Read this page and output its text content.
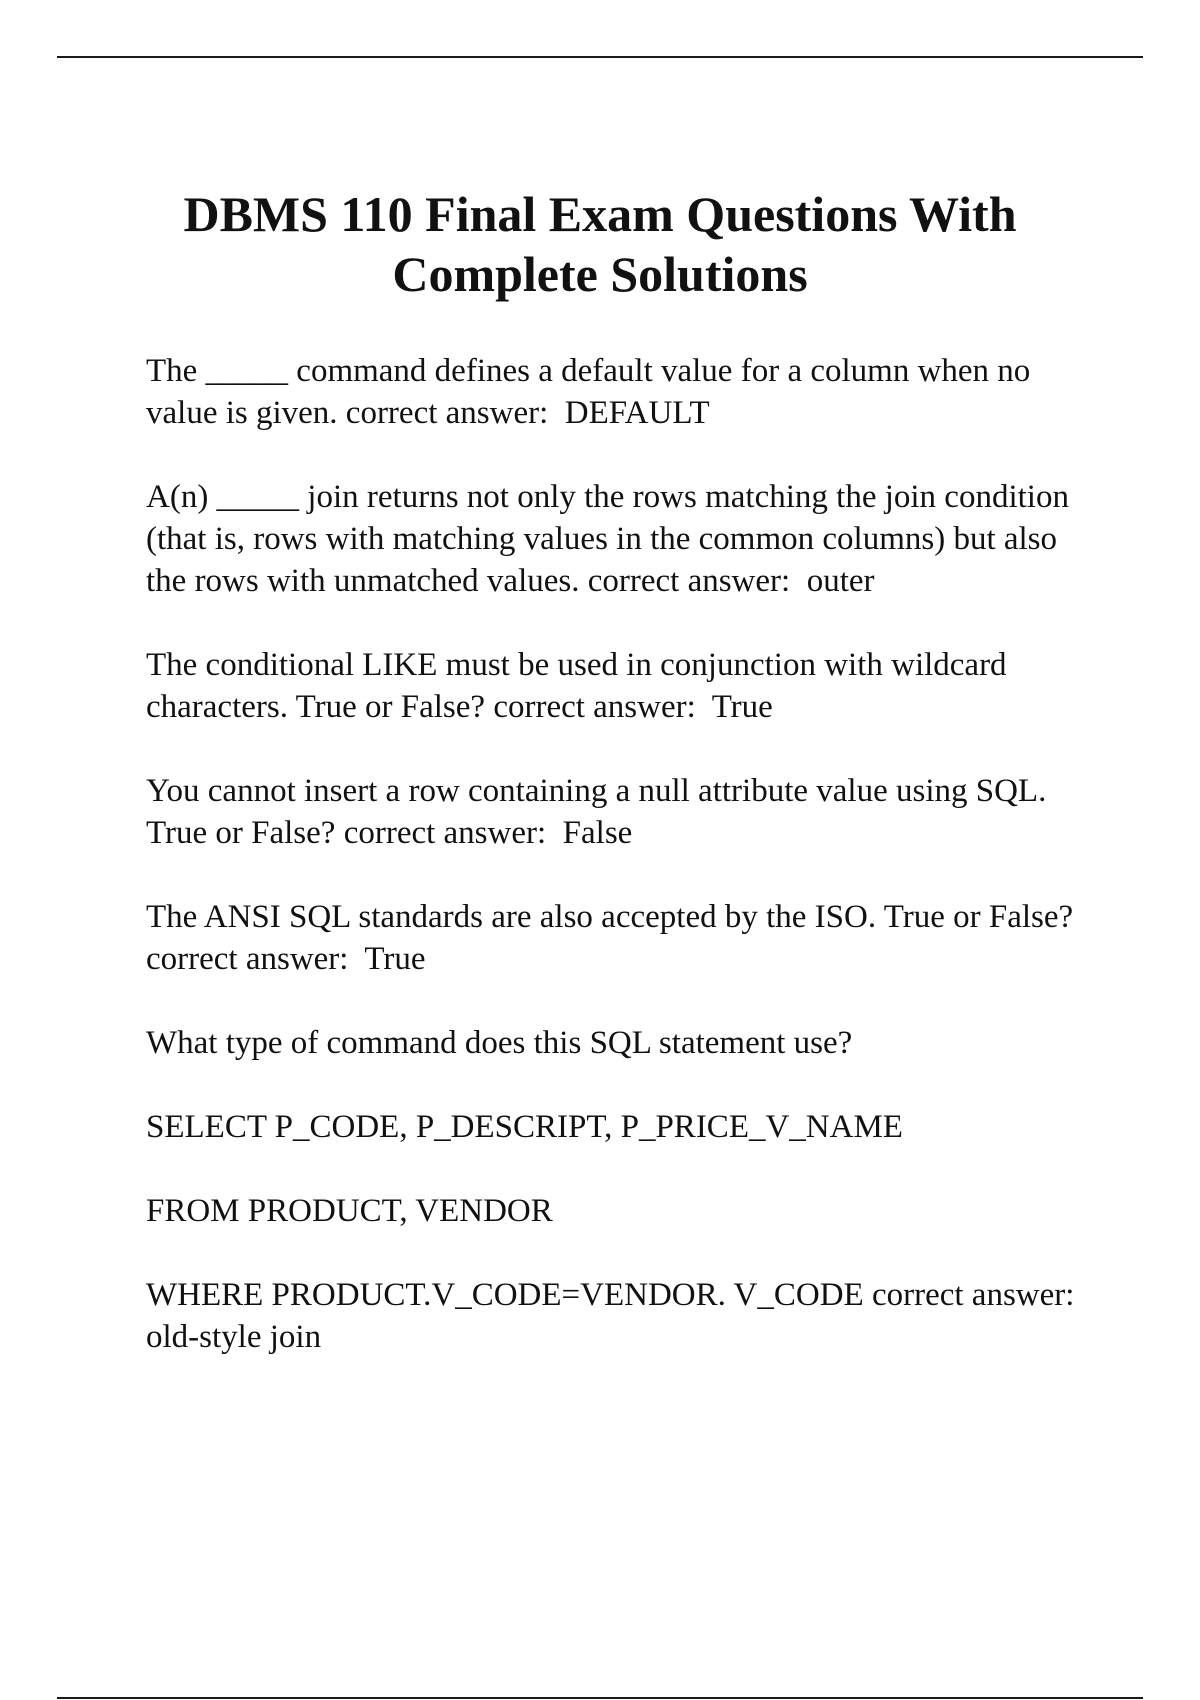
DBMS 110 Final Exam Questions With
Complete Solutions

The _____ command defines a default value for a column when no value is given. correct answer:  DEFAULT

A(n) _____ join returns not only the rows matching the join condition (that is, rows with matching values in the common columns) but also the rows with unmatched values. correct answer:  outer

The conditional LIKE must be used in conjunction with wildcard characters. True or False? correct answer:  True

You cannot insert a row containing a null attribute value using SQL. True or False? correct answer:  False

The ANSI SQL standards are also accepted by the ISO. True or False? correct answer:  True

What type of command does this SQL statement use?

SELECT P_CODE, P_DESCRIPT, P_PRICE_V_NAME

FROM PRODUCT, VENDOR

WHERE PRODUCT.V_CODE=VENDOR. V_CODE correct answer:  old-style join
